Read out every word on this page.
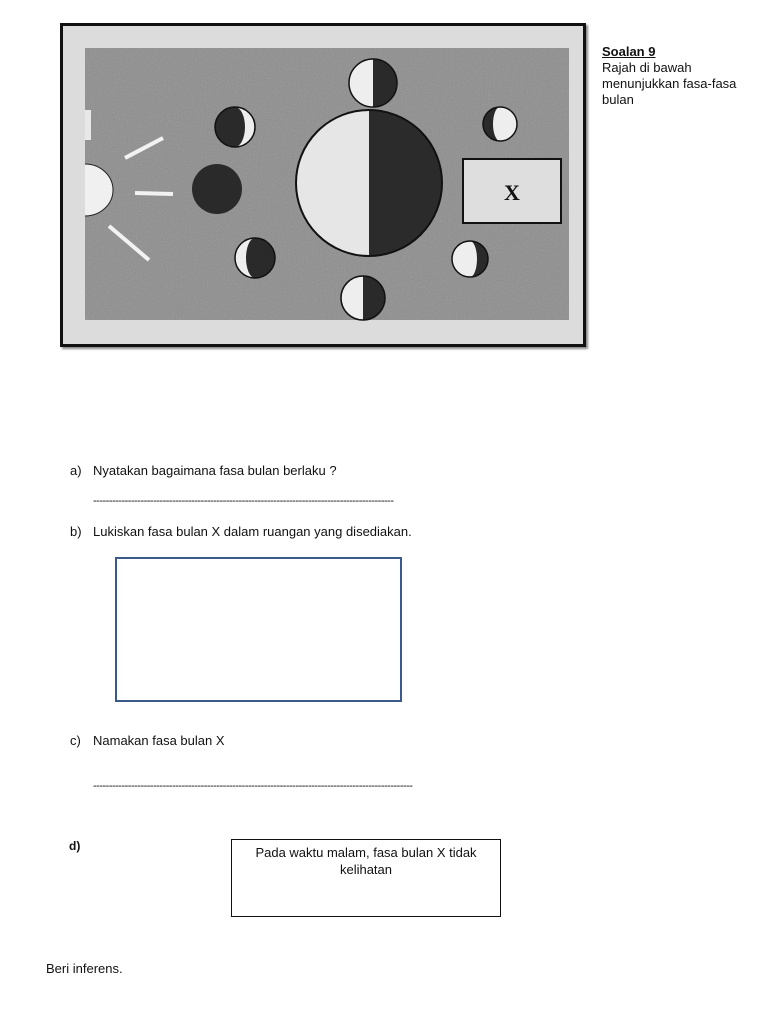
X
Soalan 9
Rajah di bawah menunjukkan fasa-fasa bulan
a) Nyatakan bagaimana fasa bulan berlaku ?
-----------------------------------------------------------------------------------------------
b) Lukiskan fasa bulan X dalam ruangan yang disediakan.
c) Namakan fasa bulan X
-----------------------------------------------------------------------------------------------------
d)	Pada waktu malam, fasa bulan X tidak kelihatan
Beri inferens.
